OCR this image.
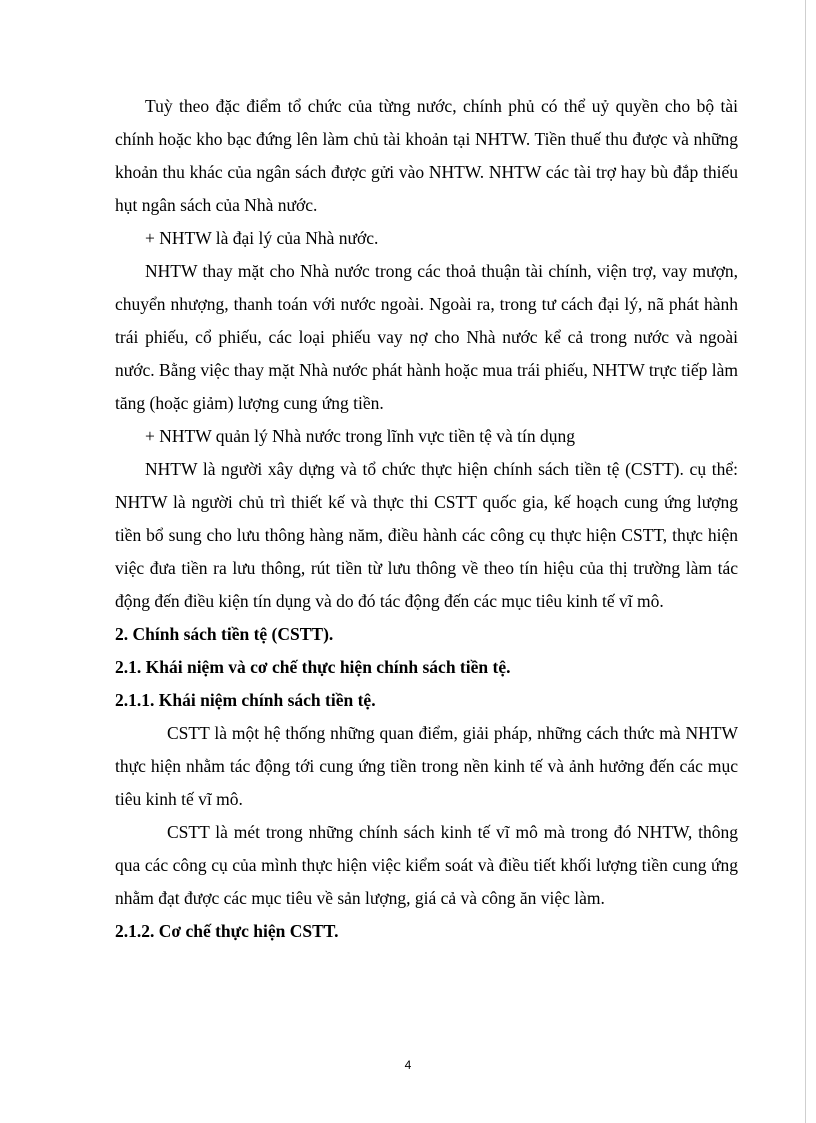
Tuỳ theo đặc điểm tổ chức của từng nước, chính phủ có thể uỷ quyền cho bộ tài chính hoặc kho bạc đứng lên làm chủ tài khoản tại NHTW. Tiền thuế thu được và những khoản thu khác của ngân sách được gửi vào NHTW. NHTW các tài trợ hay bù đắp thiếu hụt ngân sách của Nhà nước.

+ NHTW là đại lý của Nhà nước.

NHTW thay mặt cho Nhà nước trong các thoả thuận tài chính, viện trợ, vay mượn, chuyển nhượng, thanh toán với nước ngoài. Ngoài ra, trong tư cách đại lý, nã phát hành trái phiếu, cổ phiếu, các loại phiếu vay nợ cho Nhà nước kể cả trong nước và ngoài nước. Bằng việc thay mặt Nhà nước phát hành hoặc mua trái phiếu, NHTW trực tiếp làm tăng (hoặc giảm) lượng cung ứng tiền.

+ NHTW quản lý Nhà nước trong lĩnh vực tiền tệ và tín dụng

NHTW là người xây dựng và tổ chức thực hiện chính sách tiền tệ (CSTT). cụ thể: NHTW là người chủ trì thiết kế và thực thi CSTT quốc gia, kế hoạch cung ứng lượng tiền bổ sung cho lưu thông hàng năm, điều hành các công cụ thực hiện CSTT, thực hiện việc đưa tiền ra lưu thông, rút tiền từ lưu thông về theo tín hiệu của thị trường làm tác động đến điều kiện tín dụng và do đó tác động đến các mục tiêu kinh tế vĩ mô.

2. Chính sách tiền tệ (CSTT).

2.1. Khái niệm và cơ chế thực hiện chính sách tiền tệ.

2.1.1. Khái niệm chính sách tiền tệ.

CSTT là một hệ thống những quan điểm, giải pháp, những cách thức mà NHTW thực hiện nhằm tác động tới cung ứng tiền trong nền kinh tế và ảnh hưởng đến các mục tiêu kinh tế vĩ mô.

CSTT là mét trong những chính sách kinh tế vĩ mô mà trong đó NHTW, thông qua các công cụ của mình thực hiện việc kiểm soát và điều tiết khối lượng tiền cung ứng nhằm đạt được các mục tiêu về sản lượng, giá cả và công ăn việc làm.

2.1.2. Cơ chế thực hiện CSTT.

4
